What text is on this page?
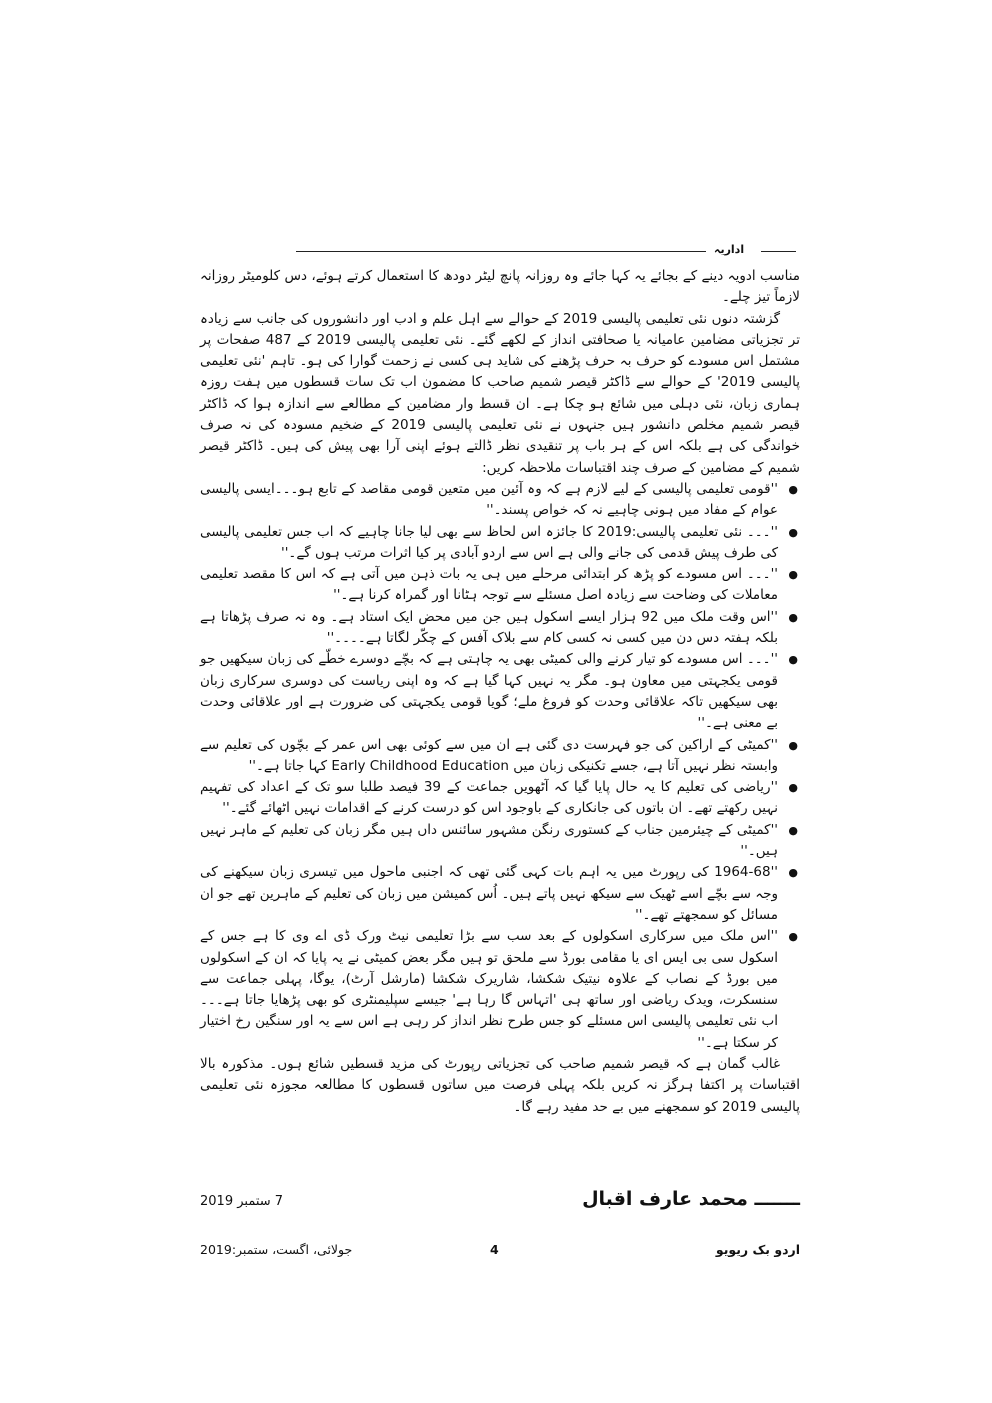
اداریہ

مناسب ادویہ دینے کے بجائے یہ کہا جائے وہ روزانہ پانچ لیٹر دودھ کا استعمال کرتے ہوئے، دس کلومیٹر روزانہ لازماً تیز چلے۔

گزشتہ دنوں نئی تعلیمی پالیسی 2019 کے حوالے سے اہل علم و ادب اور دانشوروں کی جانب سے زیادہ تر تجزیاتی مضامین عامیانہ یا صحافتی انداز کے لکھے گئے۔ نئی تعلیمی پالیسی 2019 کے 487 صفحات پر مشتمل اس مسودے کو حرف بہ حرف پڑھنے کی شاید ہی کسی نے زحمت گوارا کی ہو۔ تاہم 'نئی تعلیمی پالیسی 2019' کے حوالے سے ڈاکٹر قیصر شمیم صاحب کا مضمون اب تک سات قسطوں میں ہفت روزہ ہماری زبان، نئی دہلی میں شائع ہو چکا ہے۔ ان قسط وار مضامین کے مطالعے سے اندازہ ہوا کہ ڈاکٹر قیصر شمیم مخلص دانشور ہیں جنہوں نے نئی تعلیمی پالیسی 2019 کے ضخیم مسودہ کی نہ صرف خواندگی کی ہے بلکہ اس کے ہر باب پر تنقیدی نظر ڈالتے ہوئے اپنی آرا بھی پیش کی ہیں۔ ڈاکٹر قیصر شمیم کے مضامین کے صرف چند اقتباسات ملاحظہ کریں:

●
''قومی تعلیمی پالیسی کے لیے لازم ہے کہ وہ آئین میں متعین قومی مقاصد کے تابع ہو۔۔۔ایسی پالیسی عوام کے مفاد میں ہونی چاہیے نہ کہ خواص پسند۔''
●
''۔۔۔ نئی تعلیمی پالیسی:2019 کا جائزہ اس لحاظ سے بھی لیا جانا چاہیے کہ اب جس تعلیمی پالیسی کی طرف پیش قدمی کی جانے والی ہے اس سے اردو آبادی پر کیا اثرات مرتب ہوں گے۔''
●
''۔۔۔ اس مسودے کو پڑھ کر ابتدائی مرحلے میں ہی یہ بات ذہن میں آتی ہے کہ اس کا مقصد تعلیمی معاملات کی وضاحت سے زیادہ اصل مسئلے سے توجہ ہٹانا اور گمراہ کرنا ہے۔''
●
''اس وقت ملک میں 92 ہزار ایسے اسکول ہیں جن میں محض ایک استاد ہے۔ وہ نہ صرف پڑھاتا ہے بلکہ ہفتہ دس دن میں کسی نہ کسی کام سے بلاک آفس کے چکّر لگاتا ہے۔۔۔۔''
●
''۔۔۔ اس مسودے کو تیار کرنے والی کمیٹی بھی یہ چاہتی ہے کہ بچّے دوسرے خطّے کی زبان سیکھیں جو قومی یکجہتی میں معاون ہو۔ مگر یہ نہیں کہا گیا ہے کہ وہ اپنی ریاست کی دوسری سرکاری زبان بھی سیکھیں تاکہ علاقائی وحدت کو فروغ ملے؛ گویا قومی یکجہتی کی ضرورت ہے اور علاقائی وحدت بے معنی ہے۔''
●
''کمیٹی کے اراکین کی جو فہرست دی گئی ہے ان میں سے کوئی بھی اس عمر کے بچّوں کی تعلیم سے وابستہ نظر نہیں آتا ہے، جسے تکنیکی زبان میں Early Childhood Education کہا جاتا ہے۔''
●
''ریاضی کی تعلیم کا یہ حال پایا گیا کہ آٹھویں جماعت کے 39 فیصد طلبا سو تک کے اعداد کی تفہیم نہیں رکھتے تھے۔ ان باتوں کی جانکاری کے باوجود اس کو درست کرنے کے اقدامات نہیں اٹھائے گئے۔''
●
''کمیٹی کے چیئرمین جناب کے کستوری رنگن مشہور سائنس داں ہیں مگر زبان کی تعلیم کے ماہر نہیں ہیں۔''
●
''1964-68 کی رپورٹ میں یہ اہم بات کہی گئی تھی کہ اجنبی ماحول میں تیسری زبان سیکھنے کی وجہ سے بچّے اسے ٹھیک سے سیکھ نہیں پاتے ہیں۔ اُس کمیشن میں زبان کی تعلیم کے ماہرین تھے جو ان مسائل کو سمجھتے تھے۔''
●
''اس ملک میں سرکاری اسکولوں کے بعد سب سے بڑا تعلیمی نیٹ ورک ڈی اے وی کا ہے جس کے اسکول سی بی ایس ای یا مقامی بورڈ سے ملحق تو ہیں مگر بعض کمیٹی نے یہ پایا کہ ان کے اسکولوں میں بورڈ کے نصاب کے علاوہ نیتیک شکشا، شاریرک شکشا (مارشل آرٹ)، یوگا، پہلی جماعت سے سنسکرت، ویدک ریاضی اور ساتھ ہی 'اتہاس گا رہا ہے' جیسے سپلیمنٹری کو بھی پڑھایا جاتا ہے۔۔۔اب نئی تعلیمی پالیسی اس مسئلے کو جس طرح نظر انداز کر رہی ہے اس سے یہ اور سنگین رخ اختیار کر سکتا ہے۔''

غالب گمان ہے کہ قیصر شمیم صاحب کی تجزیاتی رپورٹ کی مزید قسطیں شائع ہوں۔ مذکورہ بالا اقتباسات پر اکتفا ہرگز نہ کریں بلکہ پہلی فرصت میں ساتوں قسطوں کا مطالعہ مجوزہ نئی تعلیمی پالیسی 2019 کو سمجھنے میں بے حد مفید رہے گا۔

7 ستمبر 2019	ـــــــ محمد عارف اقبال
جولائی، اگست، ستمبر:2019	4	اردو بک ریویو
